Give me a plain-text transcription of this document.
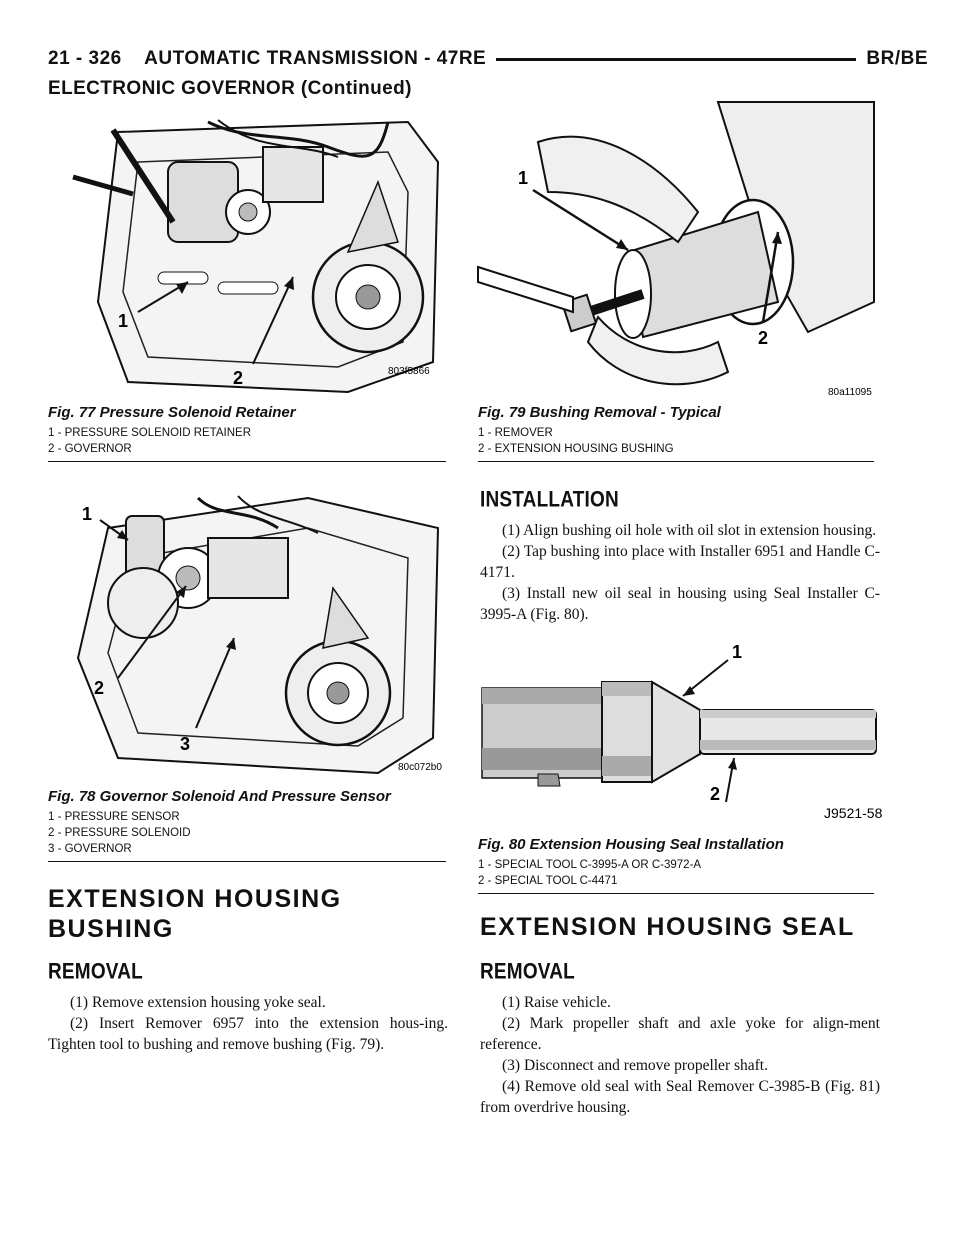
21 - 326    AUTOMATIC TRANSMISSION - 47RE	BR/BE
ELECTRONIC GOVERNOR (Continued)
1
2	803f5866
Fig. 77 Pressure Solenoid Retainer
1 - PRESSURE SOLENOID RETAINER
2 - GOVERNOR
1
2
3
80c072b0
Fig. 78 Governor Solenoid And Pressure Sensor
1 - PRESSURE SENSOR
2 - PRESSURE SOLENOID
3 - GOVERNOR
EXTENSION HOUSING
BUSHING
REMOVAL

(1) Remove extension housing yoke seal.

(2) Insert Remover 6957 into the extension hous-ing. Tighten tool to bushing and remove bushing (Fig. 79).

1
2
80a11095
Fig. 79 Bushing Removal - Typical
1 - REMOVER
2 - EXTENSION HOUSING BUSHING
INSTALLATION

(1) Align bushing oil hole with oil slot in extension housing.

(2) Tap bushing into place with Installer 6951 and Handle C-4171.

(3) Install new oil seal in housing using Seal Installer C-3995-A (Fig. 80).

1
2
J9521-58
Fig. 80 Extension Housing Seal Installation
1 - SPECIAL TOOL C-3995-A OR C-3972-A
2 - SPECIAL TOOL C-4471
EXTENSION HOUSING SEAL
REMOVAL

(1) Raise vehicle.

(2) Mark propeller shaft and axle yoke for align-ment reference.

(3) Disconnect and remove propeller shaft.

(4) Remove old seal with Seal Remover C-3985-B (Fig. 81) from overdrive housing.
